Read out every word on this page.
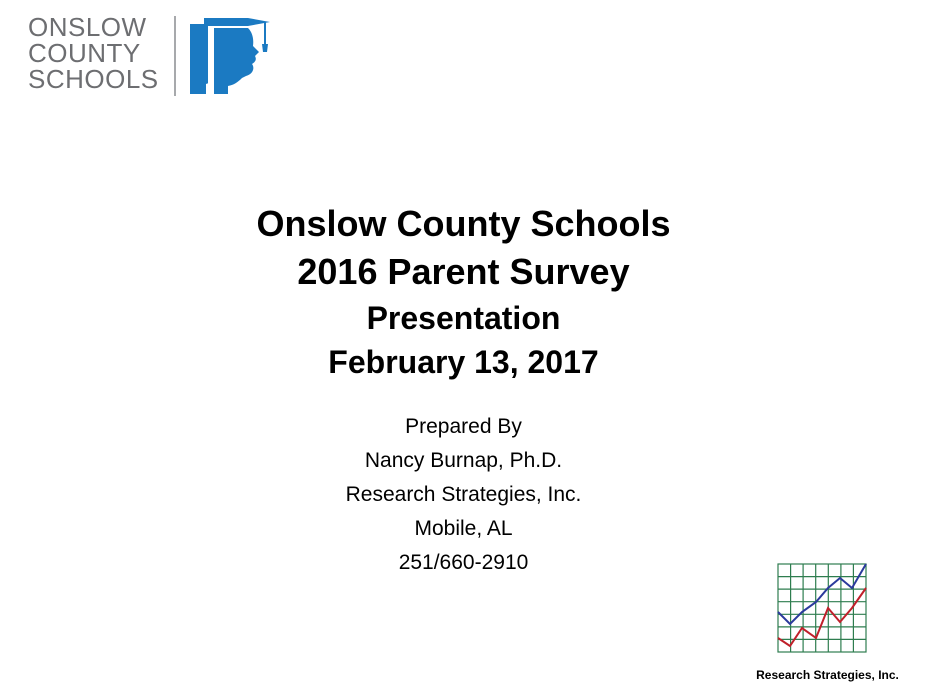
ONSLOW
COUNTY
SCHOOLS
Onslow County Schools
2016 Parent Survey
Presentation
February 13, 2017
Prepared By
Nancy Burnap, Ph.D.
Research Strategies, Inc.
Mobile, AL
251/660-2910
Research Strategies, Inc.
